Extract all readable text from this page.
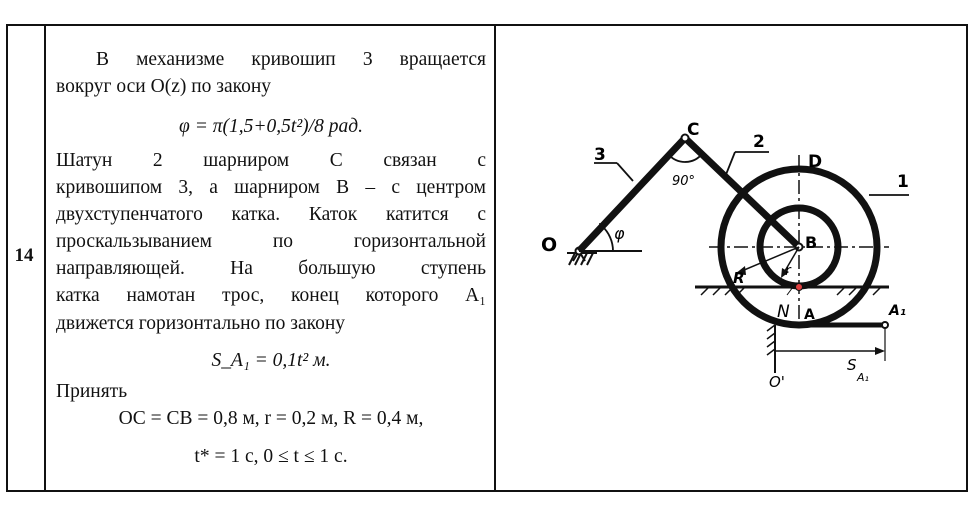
14
В механизме кривошип 3 вращается
вокруг оси O(z) по закону
φ = π(1,5+0,5t²)/8 рад.
Шатун 2 шарниром C связан с
кривошипом 3, а шарниром B – с центром
двухступенчатого катка. Каток катится с
проскальзыванием по горизонтальной
направляющей. На большую ступень
катка намотан трос, конец которого A₁
движется горизонтально по закону
S_A₁ = 0,1t² м.
Принять
OC = CB = 0,8 м, r = 0,2 м, R = 0,4 м,
t* = 1 с, 0 ≤ t ≤ 1 с.
φ
O
3
C
90°
2
B
D
1
R	r
N A	A₁
O'
S
A₁
